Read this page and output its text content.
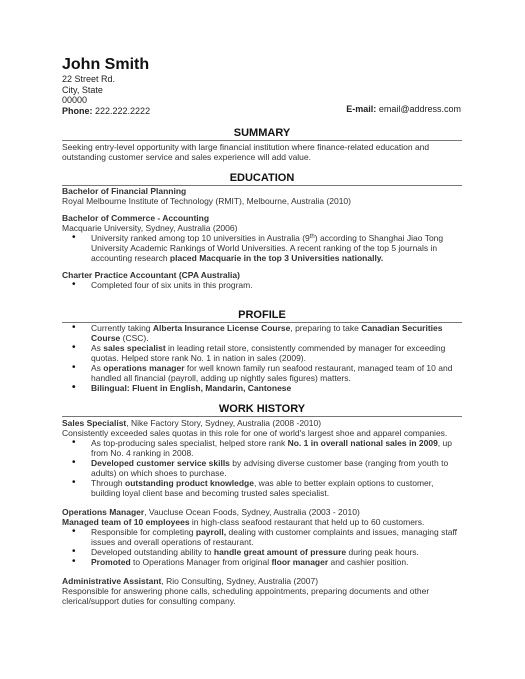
John Smith
22 Street Rd.
City, State
00000
Phone: 222.222.2222	E-mail: email@address.com
SUMMARY
Seeking entry-level opportunity with large financial institution where finance-related education and
outstanding customer service and sales experience will add value.
EDUCATION
Bachelor of Financial Planning
Royal Melbourne Institute of Technology (RMIT), Melbourne, Australia (2010)
Bachelor of Commerce - Accounting
Macquarie University, Sydney, Australia (2006)
• University ranked among top 10 universities in Australia (9th) according to Shanghai Jiao Tong
University Academic Rankings of World Universities. A recent ranking of the top 5 journals in
accounting research placed Macquarie in the top 3 Universities nationally.
Charter Practice Accountant (CPA Australia)
• Completed four of six units in this program.
PROFILE
• Currently taking Alberta Insurance License Course, preparing to take Canadian Securities
Course (CSC).
• As sales specialist in leading retail store, consistently commended by manager for exceeding
quotas. Helped store rank No. 1 in nation in sales (2009).
• As operations manager for well known family run seafood restaurant, managed team of 10 and
handled all financial (payroll, adding up nightly sales figures) matters.
• Bilingual: Fluent in English, Mandarin, Cantonese
WORK HISTORY
Sales Specialist, Nike Factory Story, Sydney, Australia (2008 -2010)
Consistently exceeded sales quotas in this role for one of world's largest shoe and apparel companies.
• As top-producing sales specialist, helped store rank No. 1 in overall national sales in 2009, up
from No. 4 ranking in 2008.
• Developed customer service skills by advising diverse customer base (ranging from youth to
adults) on which shoes to purchase.
• Through outstanding product knowledge, was able to better explain options to customer,
building loyal client base and becoming trusted sales specialist.
Operations Manager, Vaucluse Ocean Foods, Sydney, Australia (2003 - 2010)
Managed team of 10 employees in high-class seafood restaurant that held up to 60 customers.
• Responsible for completing payroll, dealing with customer complaints and issues, managing staff
issues and overall operations of restaurant.
• Developed outstanding ability to handle great amount of pressure during peak hours.
• Promoted to Operations Manager from original floor manager and cashier position.
Administrative Assistant, Rio Consulting, Sydney, Australia (2007)
Responsible for answering phone calls, scheduling appointments, preparing documents and other
clerical/support duties for consulting company.
